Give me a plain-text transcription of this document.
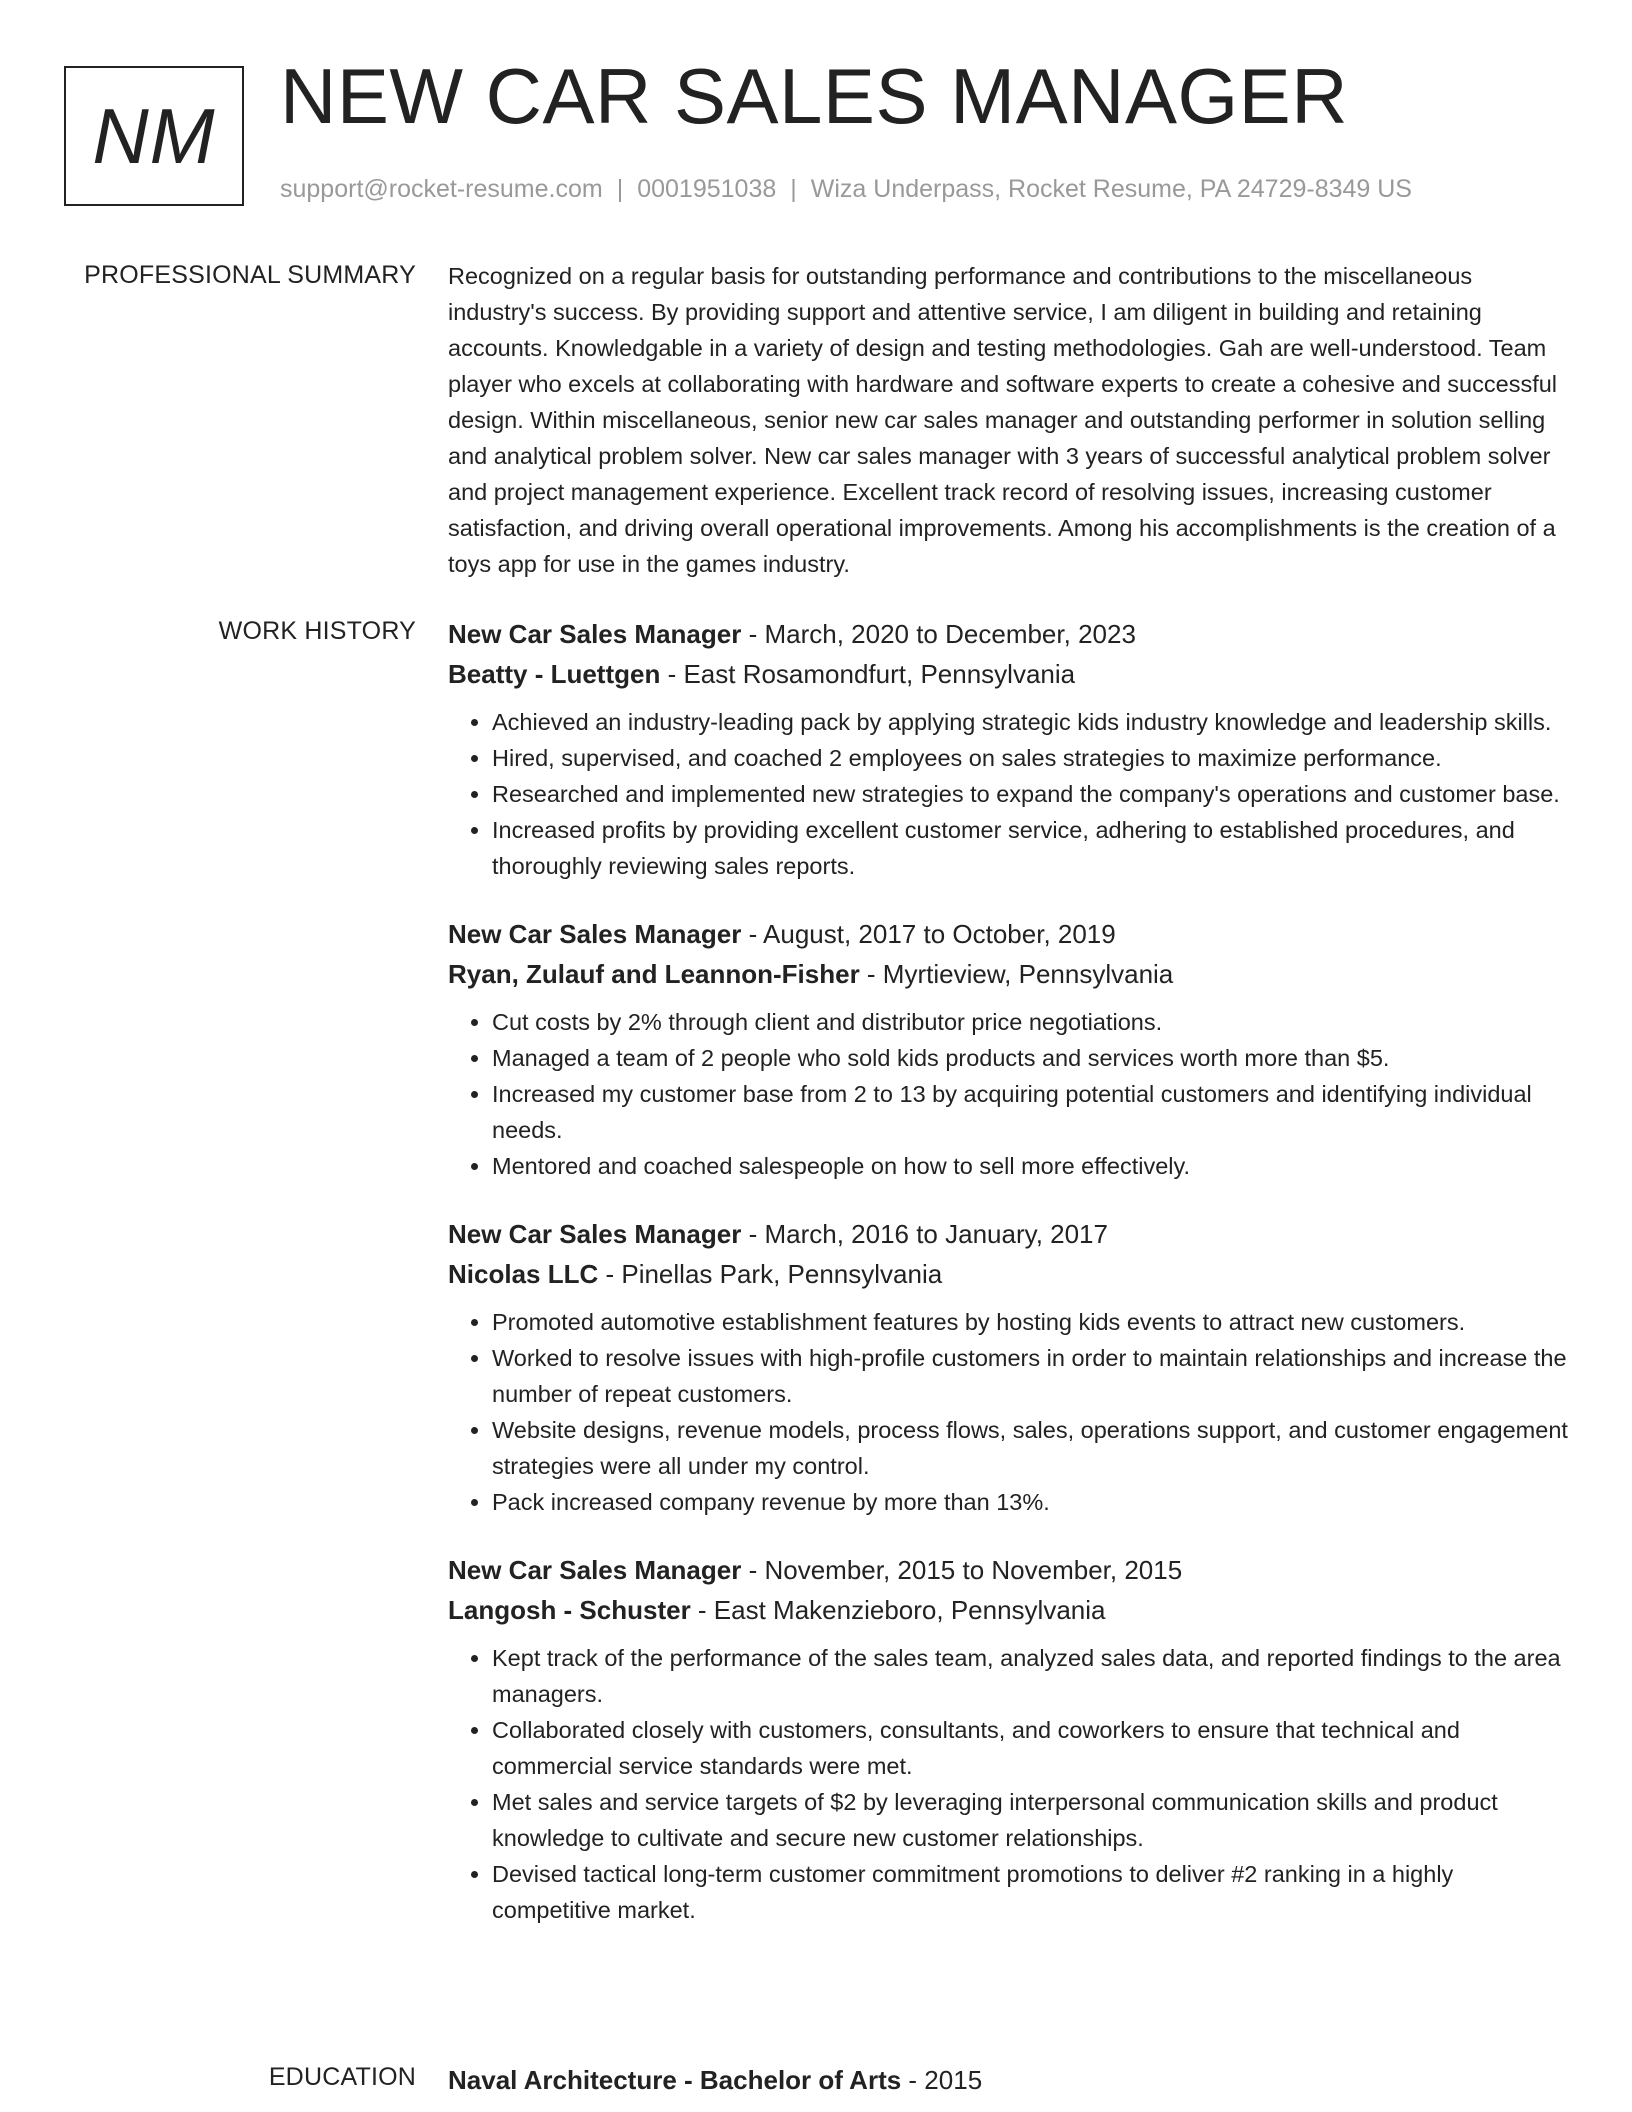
NM NEW CAR SALES MANAGER
support@rocket-resume.com | 0001951038 | Wiza Underpass, Rocket Resume, PA 24729-8349 US
PROFESSIONAL SUMMARY Recognized on a regular basis for outstanding performance and contributions to the miscellaneous industry's success. By providing support and attentive service, I am diligent in building and retaining accounts. Knowledgable in a variety of design and testing methodologies. Gah are well-understood. Team player who excels at collaborating with hardware and software experts to create a cohesive and successful design. Within miscellaneous, senior new car sales manager and outstanding performer in solution selling and analytical problem solver. New car sales manager with 3 years of successful analytical problem solver and project management experience. Excellent track record of resolving issues, increasing customer satisfaction, and driving overall operational improvements. Among his accomplishments is the creation of a toys app for use in the games industry.

WORK HISTORY New Car Sales Manager - March, 2020 to December, 2023
Beatty - Luettgen - East Rosamondfurt, Pennsylvania
• Achieved an industry-leading pack by applying strategic kids industry knowledge and leadership skills.
• Hired, supervised, and coached 2 employees on sales strategies to maximize performance.
• Researched and implemented new strategies to expand the company's operations and customer base.
• Increased profits by providing excellent customer service, adhering to established procedures, and thoroughly reviewing sales reports.
New Car Sales Manager - August, 2017 to October, 2019
Ryan, Zulauf and Leannon-Fisher - Myrtieview, Pennsylvania
• Cut costs by 2% through client and distributor price negotiations.
• Managed a team of 2 people who sold kids products and services worth more than $5.
• Increased my customer base from 2 to 13 by acquiring potential customers and identifying individual needs.
• Mentored and coached salespeople on how to sell more effectively.
New Car Sales Manager - March, 2016 to January, 2017
Nicolas LLC - Pinellas Park, Pennsylvania
• Promoted automotive establishment features by hosting kids events to attract new customers.
• Worked to resolve issues with high-profile customers in order to maintain relationships and increase the number of repeat customers.
• Website designs, revenue models, process flows, sales, operations support, and customer engagement strategies were all under my control.
• Pack increased company revenue by more than 13%.
New Car Sales Manager - November, 2015 to November, 2015
Langosh - Schuster - East Makenzieboro, Pennsylvania
• Kept track of the performance of the sales team, analyzed sales data, and reported findings to the area managers.
• Collaborated closely with customers, consultants, and coworkers to ensure that technical and commercial service standards were met.
• Met sales and service targets of $2 by leveraging interpersonal communication skills and product knowledge to cultivate and secure new customer relationships.
• Devised tactical long-term customer commitment promotions to deliver #2 ranking in a highly competitive market.
EDUCATION Naval Architecture - Bachelor of Arts - 2015
